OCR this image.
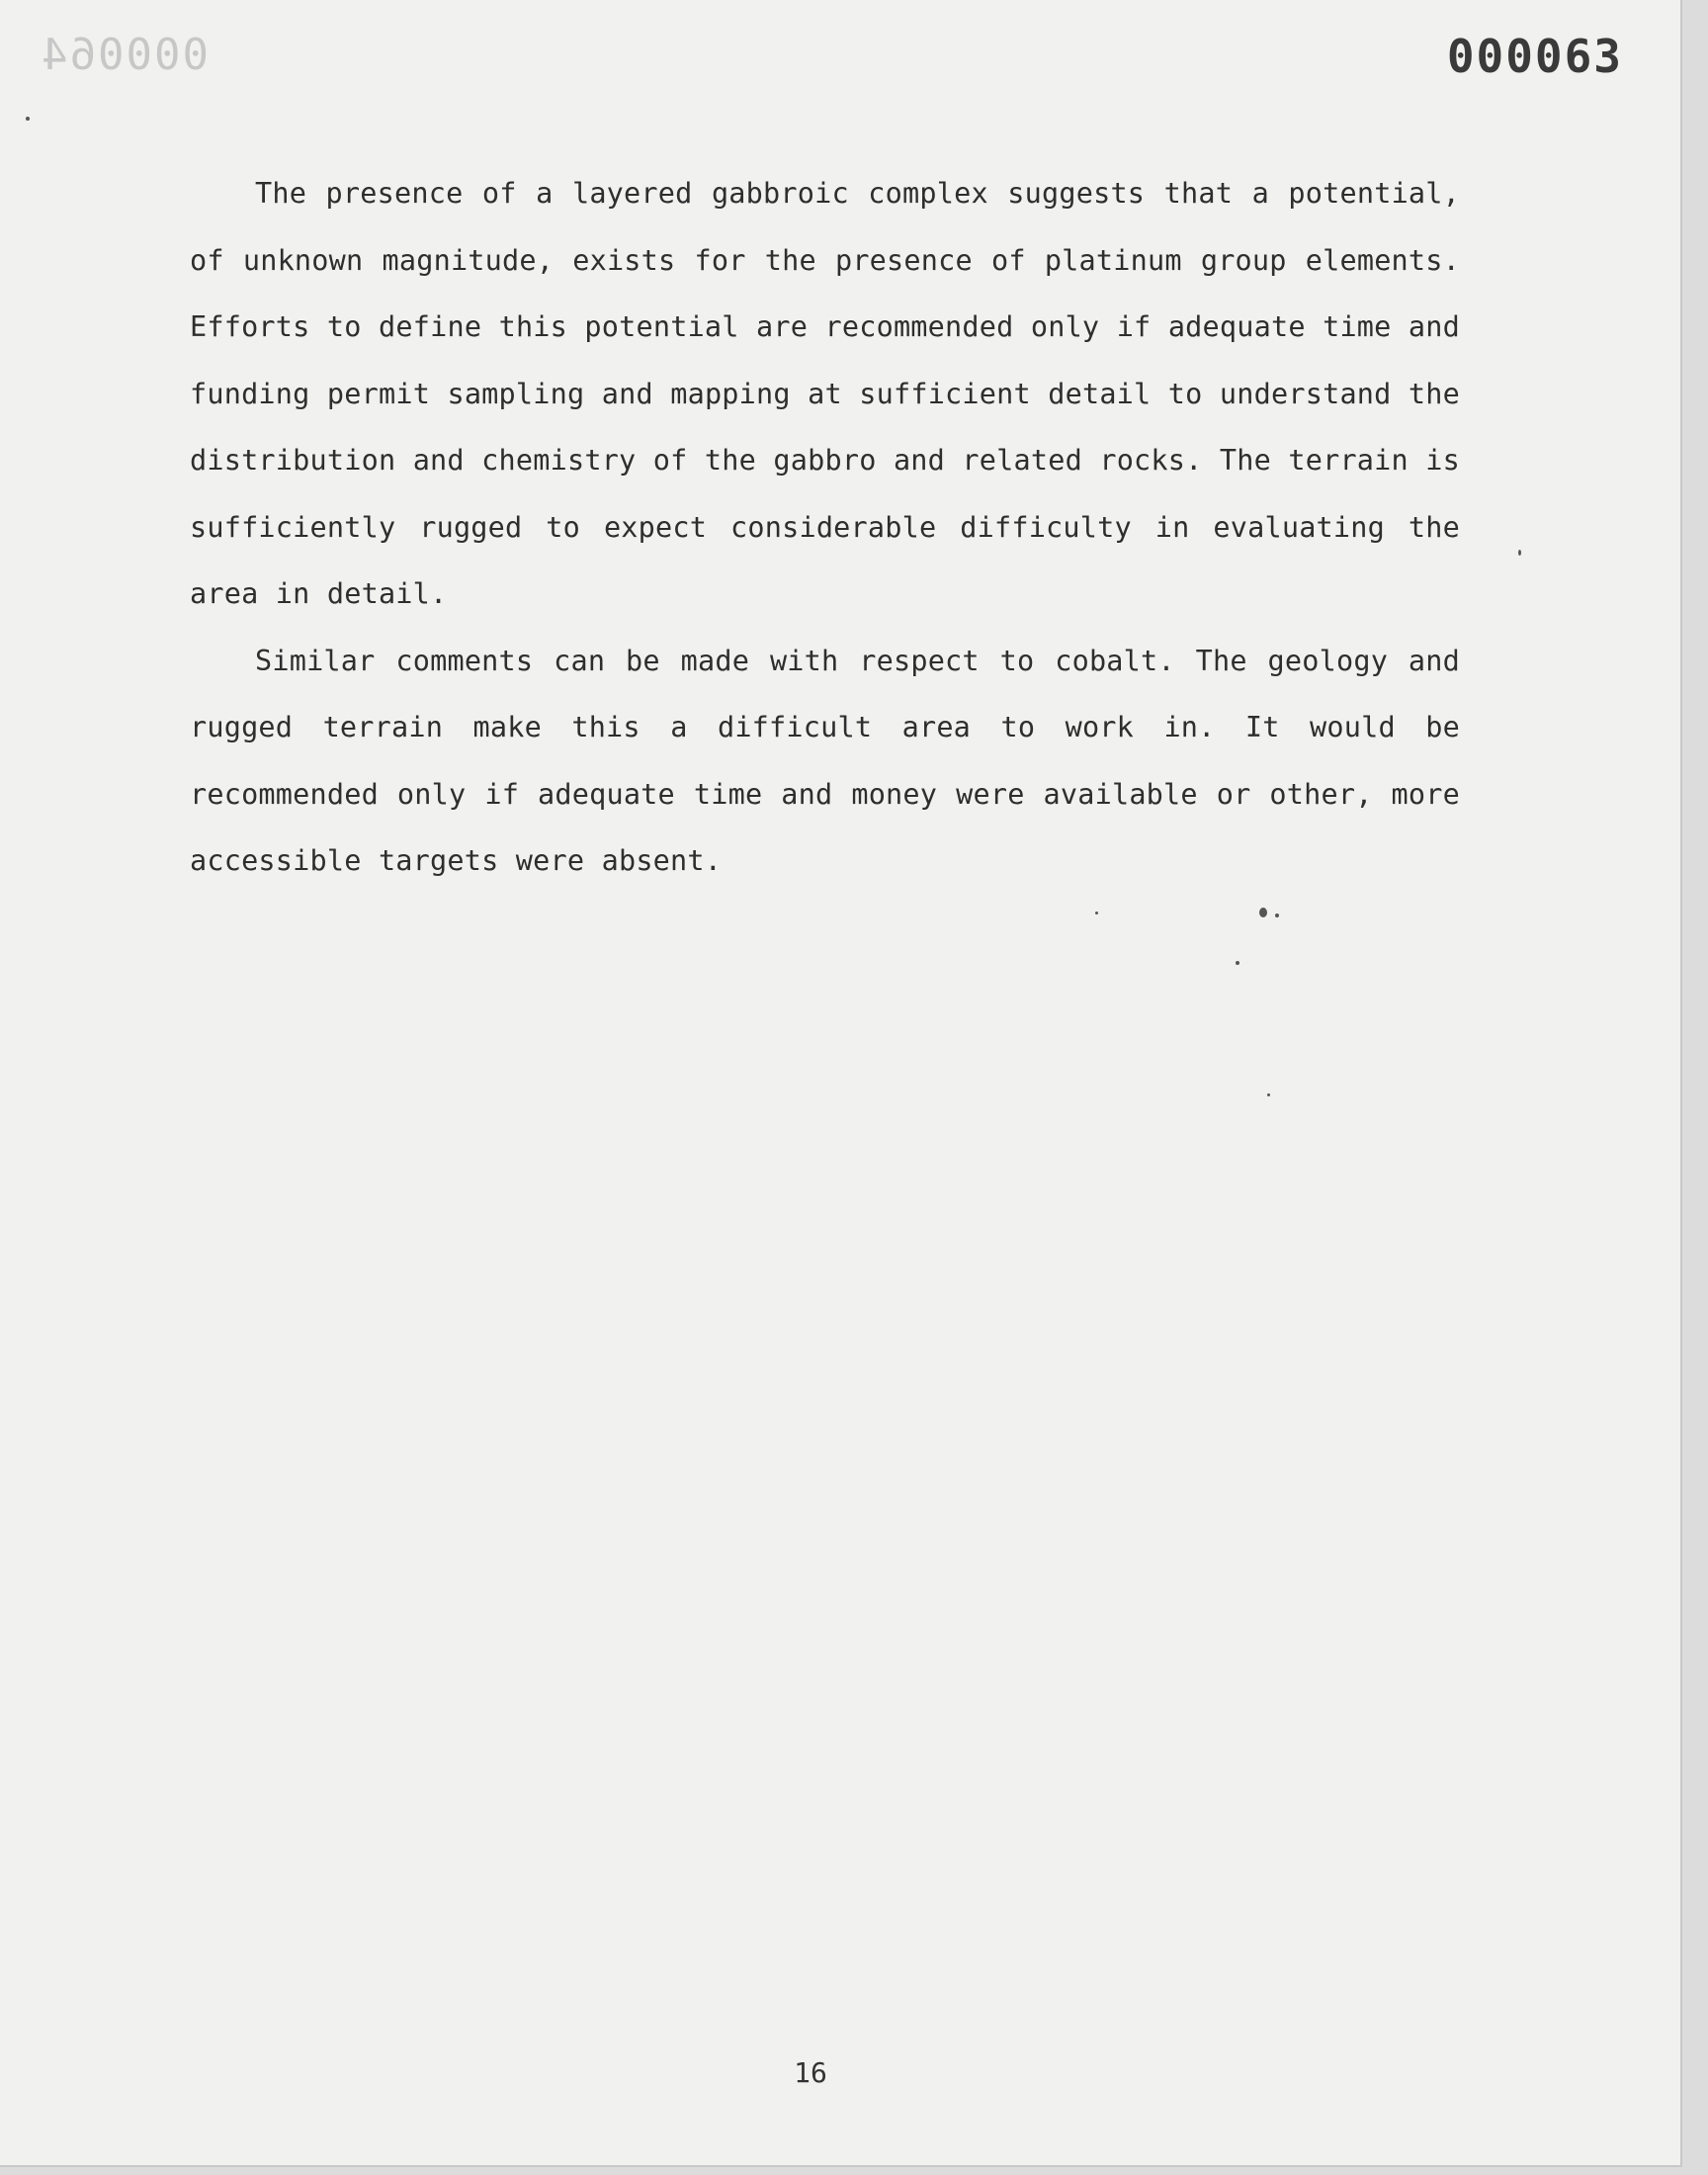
000064	000063

The presence of a layered gabbroic complex suggests that a potential, of unknown magnitude, exists for the presence of platinum group elements. Efforts to define this potential are recommended only if adequate time and funding permit sampling and mapping at sufficient detail to understand the distribution and chemistry of the gabbro and related rocks. The terrain is sufficiently rugged to expect considerable difficulty in evaluating the area in detail.

Similar comments can be made with respect to cobalt. The geology and rugged terrain make this a difficult area to work in. It would be recommended only if adequate time and money were available or other, more accessible targets were absent.

16
